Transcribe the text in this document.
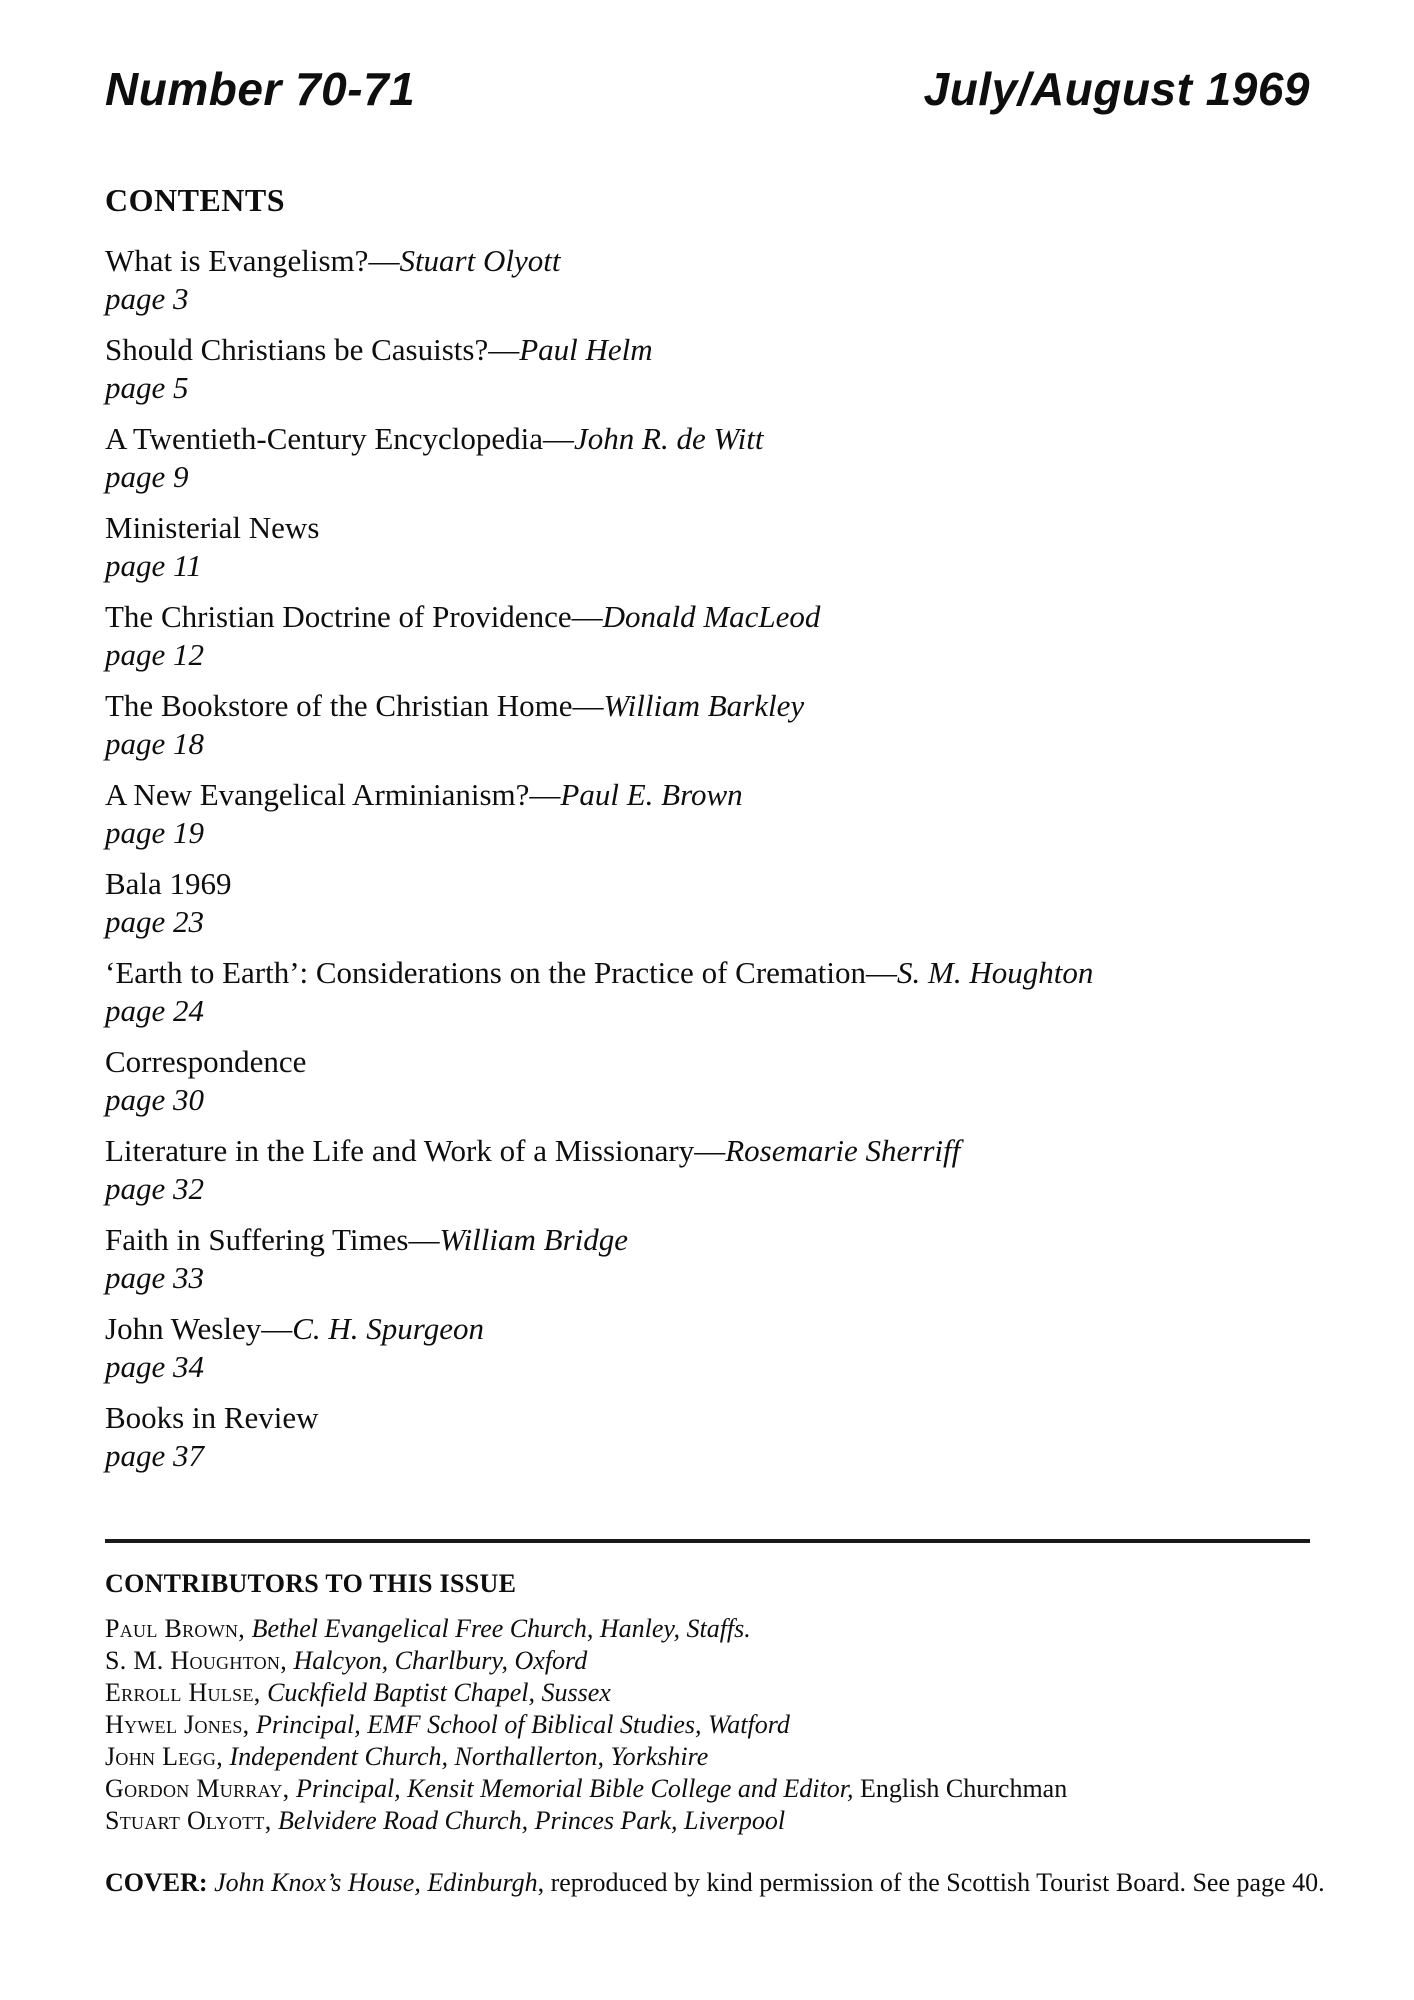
Number 70-71	July/August 1969
CONTENTS
What is Evangelism?—Stuart Olyott
page 3
Should Christians be Casuists?—Paul Helm
page 5
A Twentieth-Century Encyclopedia—John R. de Witt
page 9
Ministerial News
page 11
The Christian Doctrine of Providence—Donald MacLeod
page 12
The Bookstore of the Christian Home—William Barkley
page 18
A New Evangelical Arminianism?—Paul E. Brown
page 19
Bala 1969
page 23
‘Earth to Earth’: Considerations on the Practice of Cremation—S. M. Houghton
page 24
Correspondence
page 30
Literature in the Life and Work of a Missionary—Rosemarie Sherriff
page 32
Faith in Suffering Times—William Bridge
page 33
John Wesley—C. H. Spurgeon
page 34
Books in Review
page 37
CONTRIBUTORS TO THIS ISSUE
Paul Brown, Bethel Evangelical Free Church, Hanley, Staffs.
S. M. Houghton, Halcyon, Charlbury, Oxford
Erroll Hulse, Cuckfield Baptist Chapel, Sussex
Hywel Jones, Principal, EMF School of Biblical Studies, Watford
John Legg, Independent Church, Northallerton, Yorkshire
Gordon Murray, Principal, Kensit Memorial Bible College and Editor, English Churchman
Stuart Olyott, Belvidere Road Church, Princes Park, Liverpool

COVER: John Knox’s House, Edinburgh, reproduced by kind permission of the Scottish Tourist Board. See page 40.
